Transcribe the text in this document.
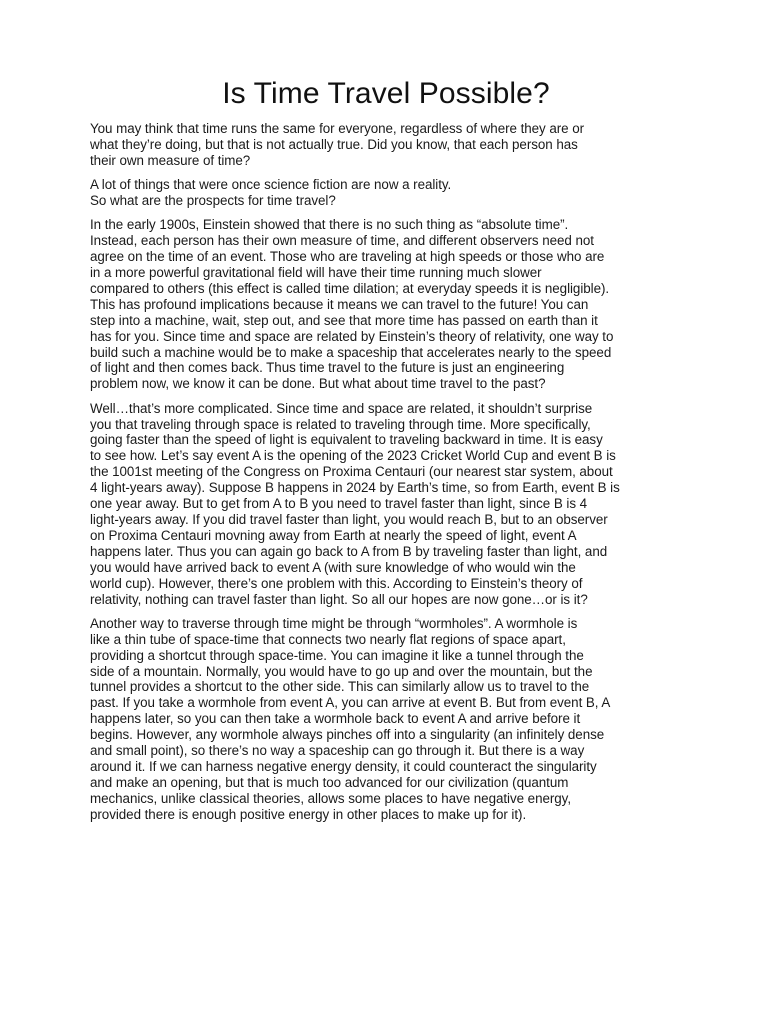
Is Time Travel Possible?

You may think that time runs the same for everyone, regardless of where they are or
what they’re doing, but that is not actually true. Did you know, that each person has
their own measure of time?

A lot of things that were once science fiction are now a reality.
So what are the prospects for time travel?

In the early 1900s, Einstein showed that there is no such thing as “absolute time”.
Instead, each person has their own measure of time, and different observers need not
agree on the time of an event. Those who are traveling at high speeds or those who are
in a more powerful gravitational field will have their time running much slower
compared to others (this effect is called time dilation; at everyday speeds it is negligible).
This has profound implications because it means we can travel to the future! You can
step into a machine, wait, step out, and see that more time has passed on earth than it
has for you. Since time and space are related by Einstein’s theory of relativity, one way to
build such a machine would be to make a spaceship that accelerates nearly to the speed
of light and then comes back. Thus time travel to the future is just an engineering
problem now, we know it can be done. But what about time travel to the past?

Well…that’s more complicated. Since time and space are related, it shouldn’t surprise
you that traveling through space is related to traveling through time. More specifically,
going faster than the speed of light is equivalent to traveling backward in time. It is easy
to see how. Let’s say event A is the opening of the 2023 Cricket World Cup and event B is
the 1001st meeting of the Congress on Proxima Centauri (our nearest star system, about
4 light-years away). Suppose B happens in 2024 by Earth’s time, so from Earth, event B is
one year away. But to get from A to B you need to travel faster than light, since B is 4
light-years away. If you did travel faster than light, you would reach B, but to an observer
on Proxima Centauri movning away from Earth at nearly the speed of light, event A
happens later. Thus you can again go back to A from B by traveling faster than light, and
you would have arrived back to event A (with sure knowledge of who would win the
world cup). However, there’s one problem with this. According to Einstein’s theory of
relativity, nothing can travel faster than light. So all our hopes are now gone…or is it?

Another way to traverse through time might be through “wormholes”. A wormhole is
like a thin tube of space-time that connects two nearly flat regions of space apart,
providing a shortcut through space-time. You can imagine it like a tunnel through the
side of a mountain. Normally, you would have to go up and over the mountain, but the
tunnel provides a shortcut to the other side. This can similarly allow us to travel to the
past. If you take a wormhole from event A, you can arrive at event B. But from event B, A
happens later, so you can then take a wormhole back to event A and arrive before it
begins. However, any wormhole always pinches off into a singularity (an infinitely dense
and small point), so there’s no way a spaceship can go through it. But there is a way
around it. If we can harness negative energy density, it could counteract the singularity
and make an opening, but that is much too advanced for our civilization (quantum
mechanics, unlike classical theories, allows some places to have negative energy,
provided there is enough positive energy in other places to make up for it).
